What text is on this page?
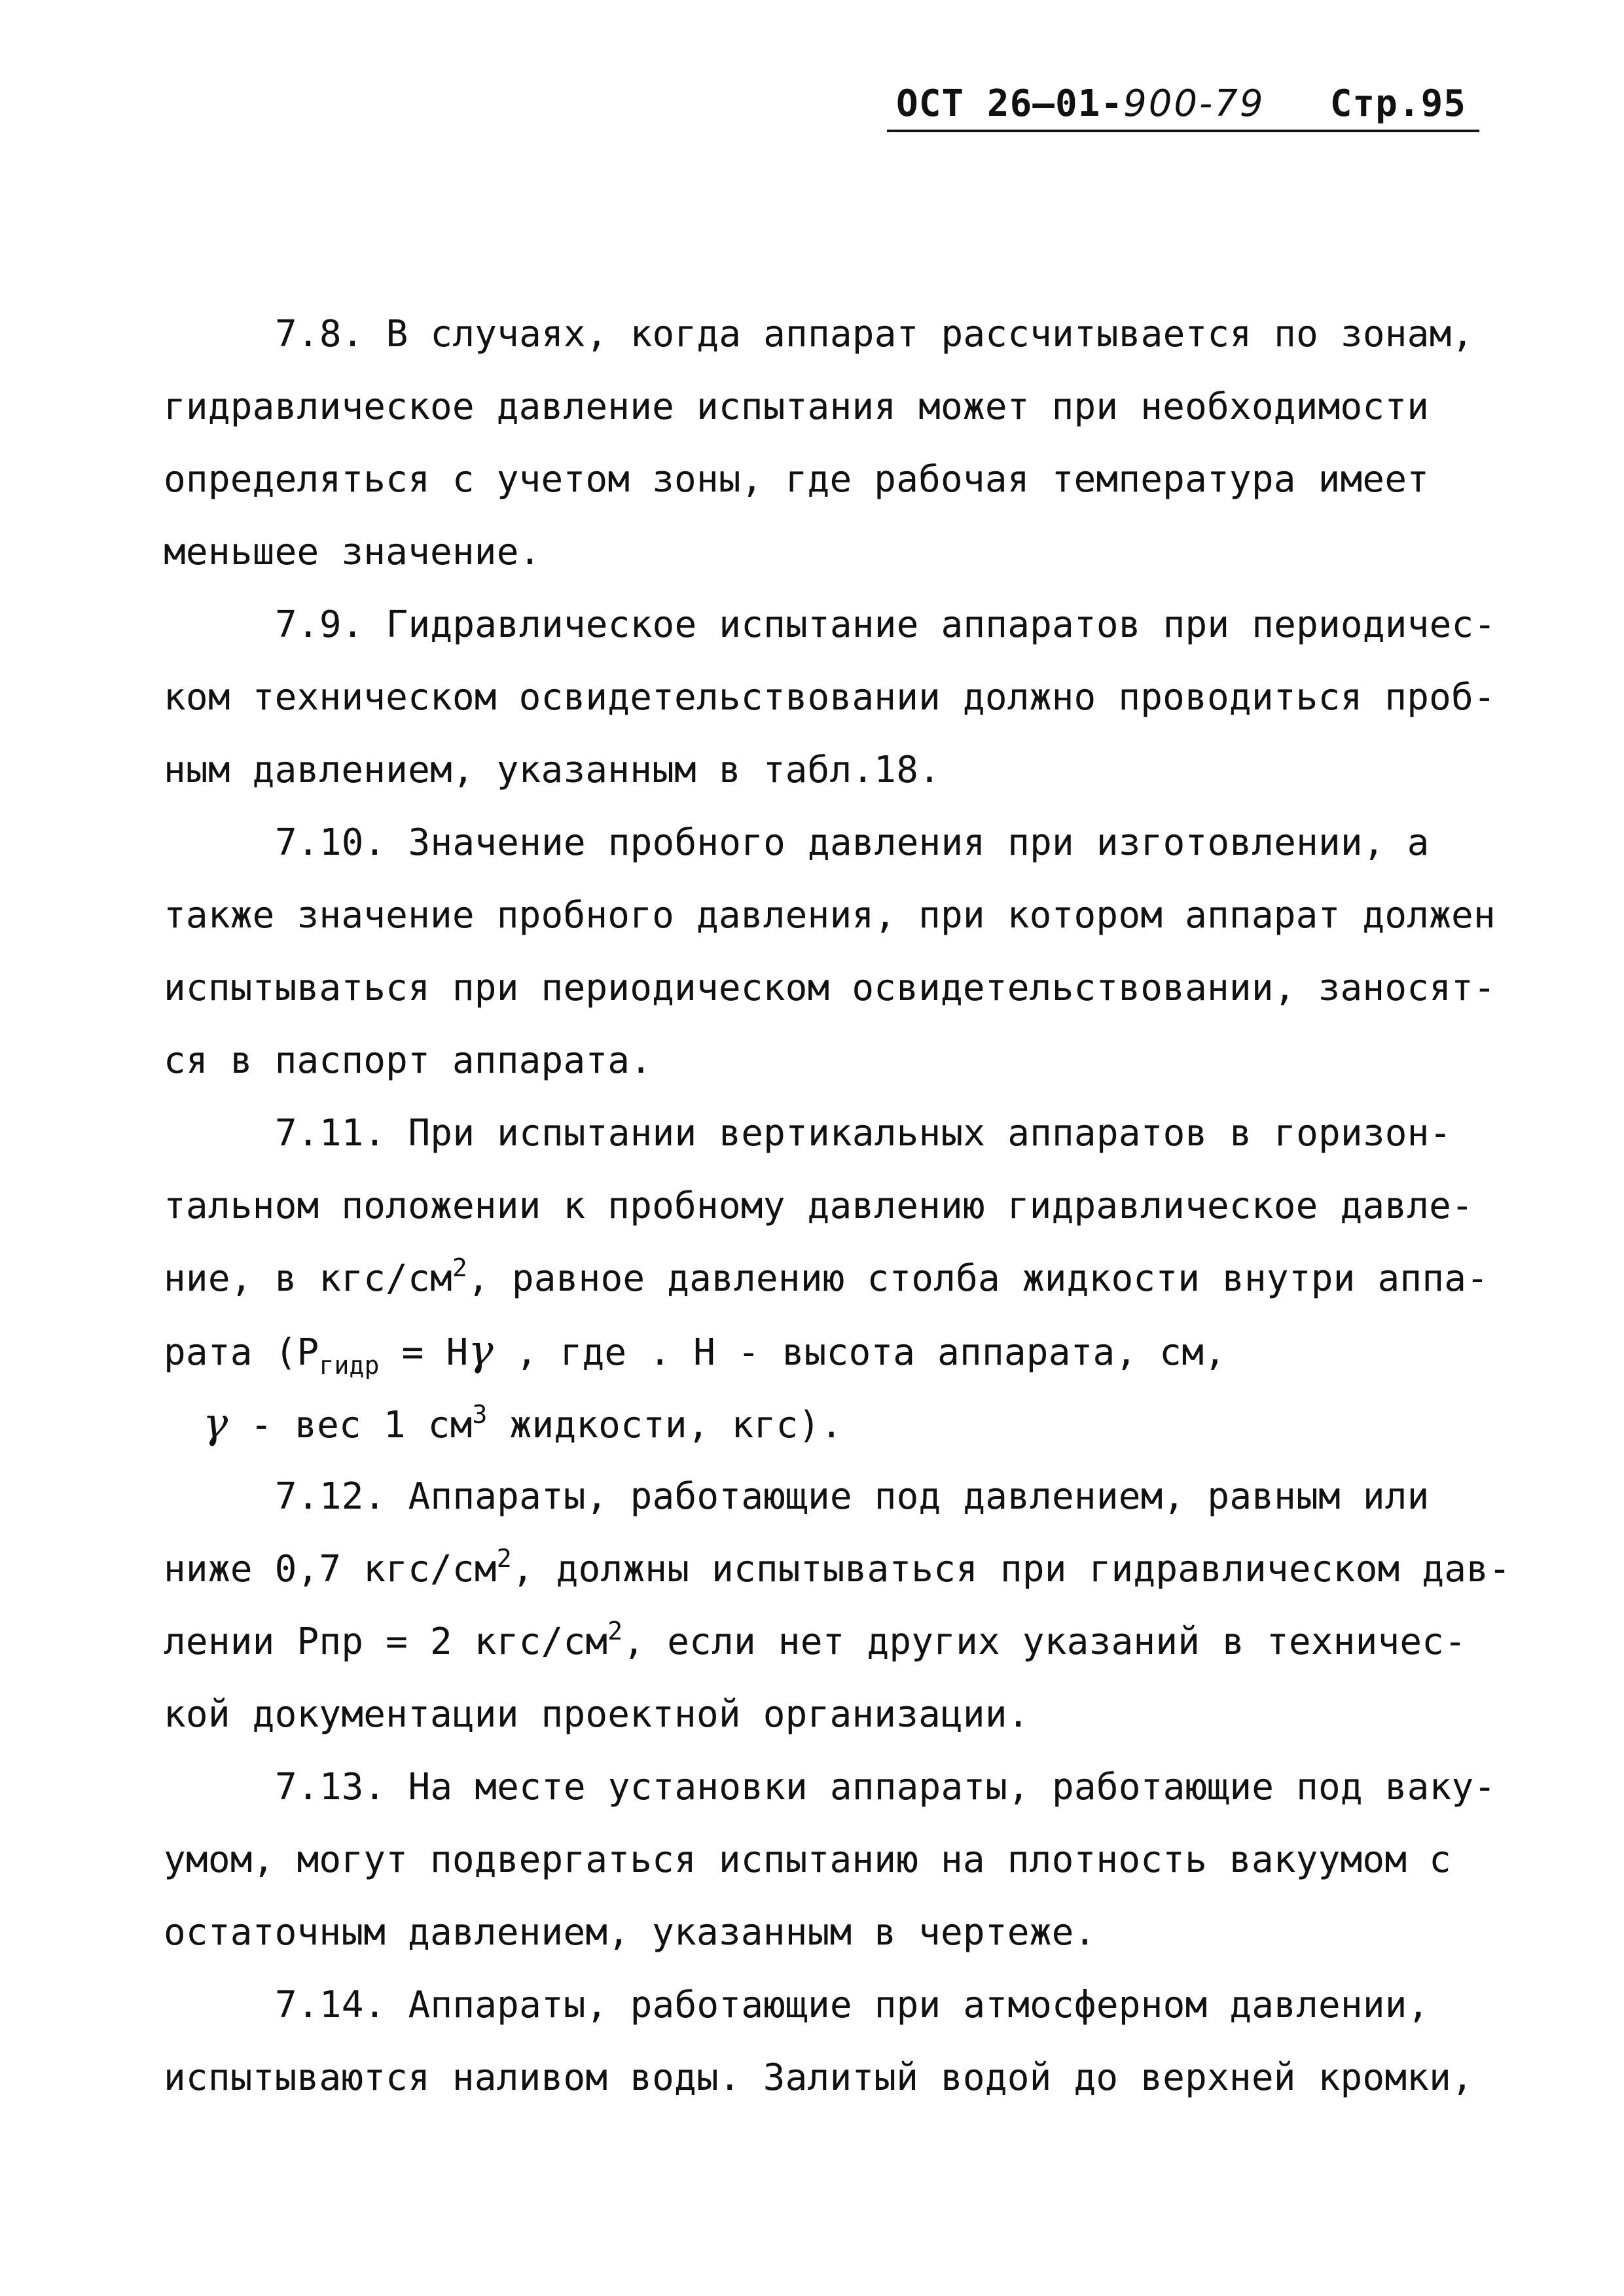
ОСТ 26–01-900-79 Стр.95
7.8. В случаях, когда аппарат рассчитывается по зонам,
гидравлическое давление испытания может при необходимости
определяться с учетом зоны, где рабочая температура имеет
меньшее значение.
7.9. Гидравлическое испытание аппаратов при периодичес-
ком техническом освидетельствовании должно проводиться проб-
ным давлением, указанным в табл.18.
7.10. Значение пробного давления при изготовлении, а
также значение пробного давления, при котором аппарат должен
испытываться при периодическом освидетельствовании, заносят-
ся в паспорт аппарата.
7.11. При испытании вертикальных аппаратов в горизон-
тальном положении к пробному давлению гидравлическое давле-
ние, в кгс/$см^2$, равное давлению столба жидкости внутри аппа-
рата ($Р_{гидр} = Н\gamma$ , где . Н - высота аппарата, см,
γ - вес 1 $см^3$ жидкости, кгс).
7.12. Аппараты, работающие под давлением, равным или
ниже 0,7 кгс/$см^2$, должны испытываться при гидравлическом дав-
лении Рпр = 2 кгс/$см^2$, если нет других указаний в техничес-
кой документации проектной организации.
7.13. На месте установки аппараты, работающие под ваку-
умом, могут подвергаться испытанию на плотность вакуумом с
остаточным давлением, указанным в чертеже.
7.14. Аппараты, работающие при атмосферном давлении,
испытываются наливом воды. Залитый водой до верхней кромки,
